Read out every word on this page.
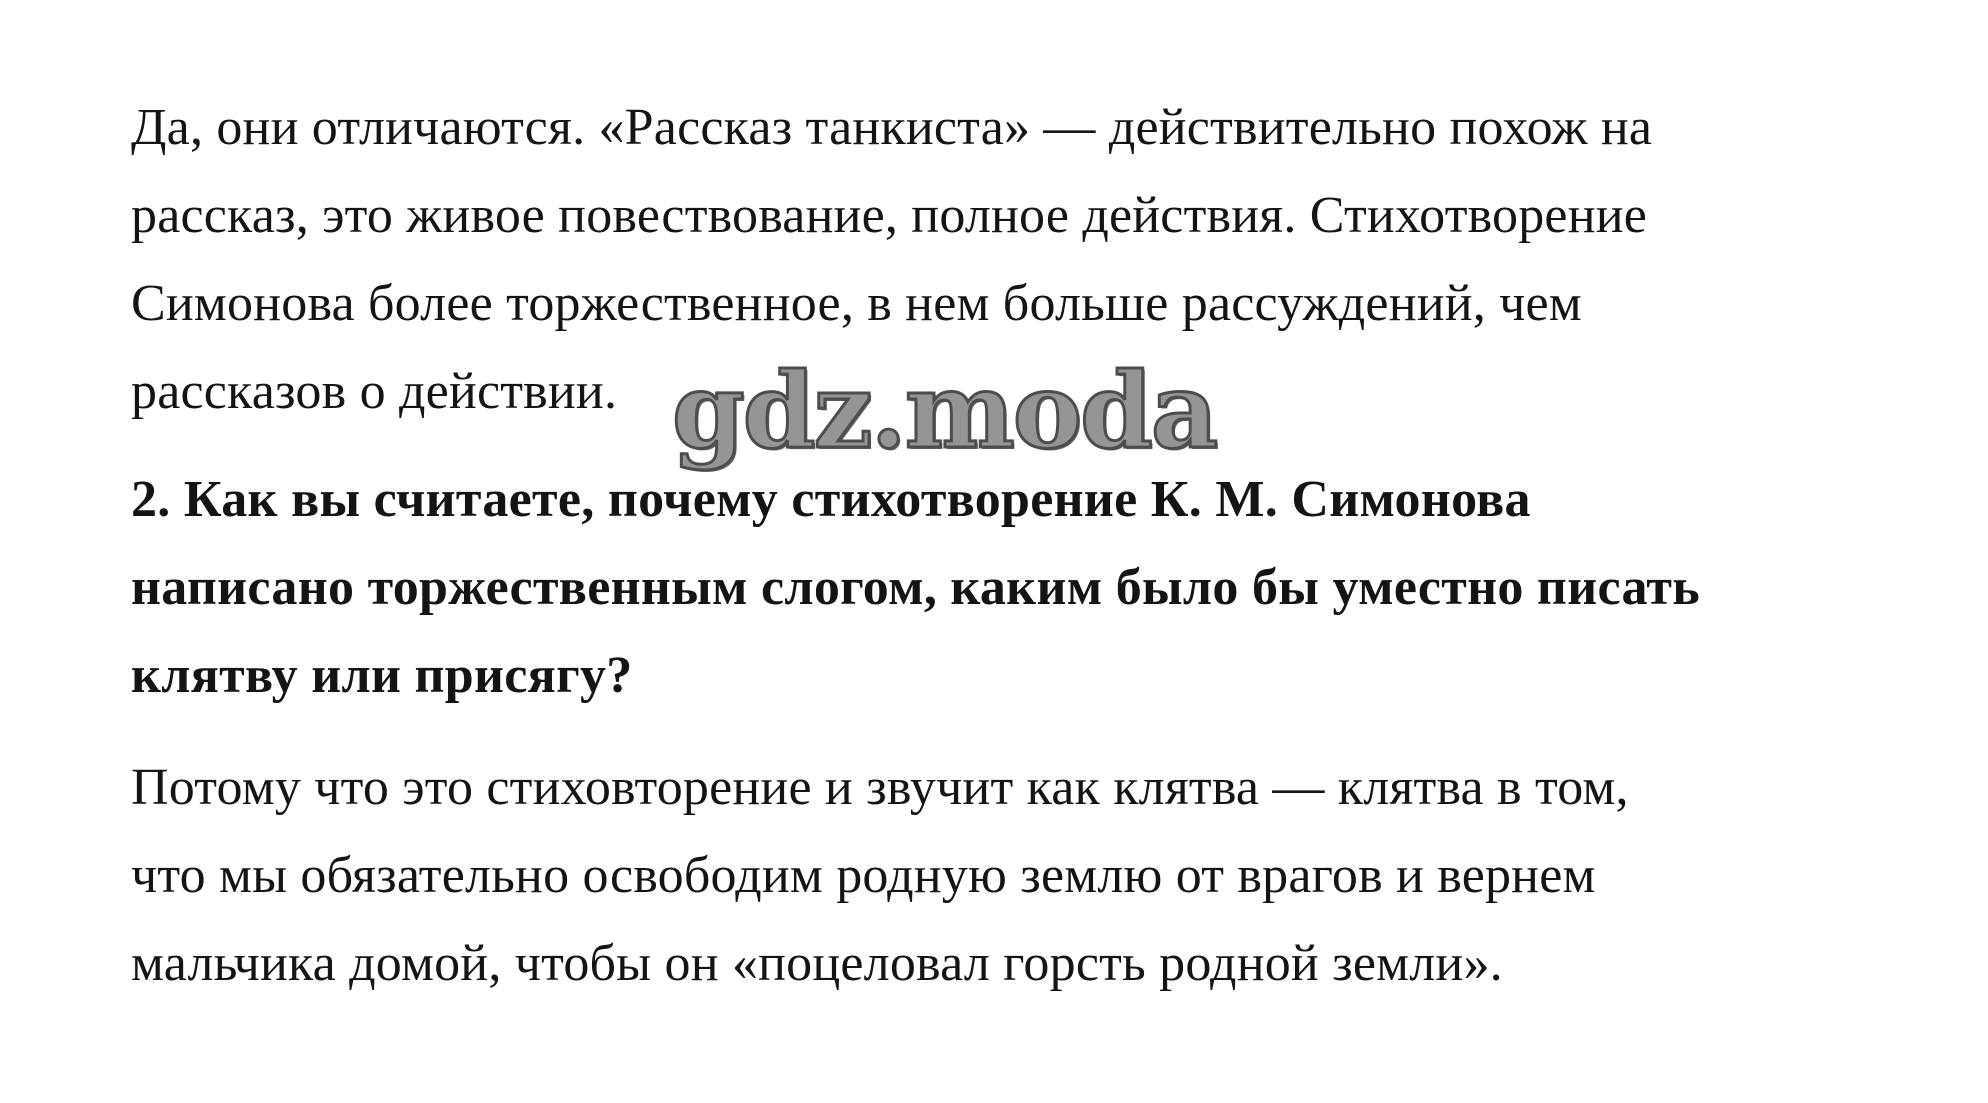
Да, они отличаются. «Рассказ танкиста» — действительно похож на
рассказ, это живое повествование, полное действия. Стихотворение
Симонова более торжественное, в нем больше рассуждений, чем
рассказов о действии. gdz.moda
2. Как вы считаете, почему стихотворение К. М. Симонова
написано торжественным слогом, каким было бы уместно писать
клятву или присягу?
Потому что это стиховторение и звучит как клятва — клятва в том,
что мы обязательно освободим родную землю от врагов и вернем
мальчика домой, чтобы он «поцеловал горсть родной земли».
